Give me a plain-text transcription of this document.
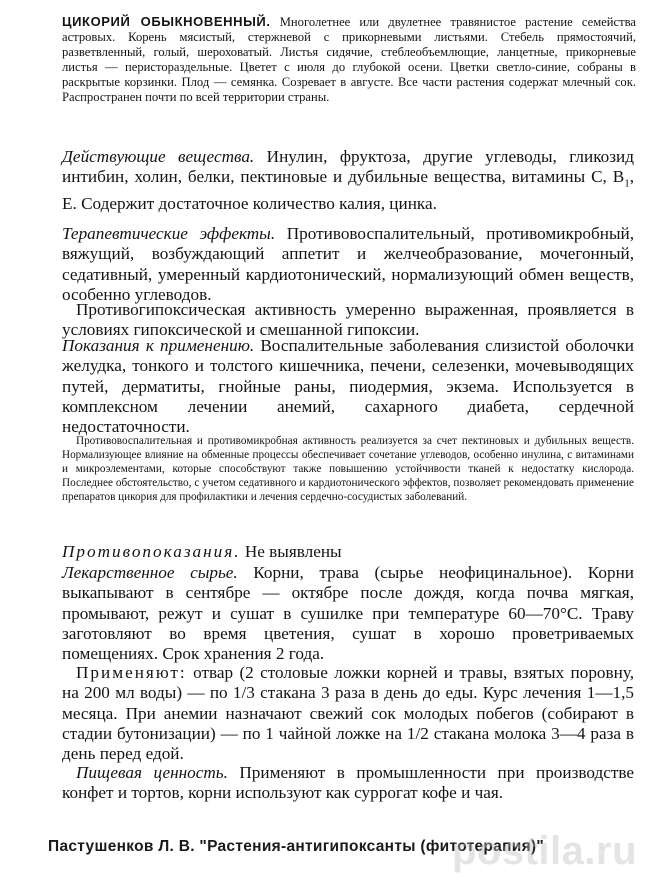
ЦИКОРИЙ ОБЫКНОВЕННЫЙ. Многолетнее или двулетнее травянистое растение семейства астровых. Корень мясистый, стержневой с прикорневыми листьями. Стебель прямостоячий, разветвленный, голый, шероховатый. Листья сидячие, стеблеобъемлющие, ланцетные, прикорневые листья — перистораздельные. Цветет с июля до глубокой осени. Цветки светло-синие, собраны в раскрытые корзинки. Плод — семянка. Созревает в августе. Все части растения содержат млечный сок. Распространен почти по всей территории страны.

Действующие вещества. Инулин, фруктоза, другие углеводы, гликозид интибин, холин, белки, пектиновые и дубильные вещества, витамины С, $В_1$, Е. Содержит достаточное количество калия, цинка.

Терапевтические эффекты. Противовоспалительный, противомикробный, вяжущий, возбуждающий аппетит и желчеобразование, мочегонный, седативный, умеренный кардиотонический, нормализующий обмен веществ, особенно углеводов.

Противогипоксическая активность умеренно выраженная, проявляется в условиях гипоксической и смешанной гипоксии.

Показания к применению. Воспалительные заболевания слизистой оболочки желудка, тонкого и толстого кишечника, печени, селезенки, мочевыводящих путей, дерматиты, гнойные раны, пиодермия, экзема. Используется в комплексном лечении анемий, сахарного диабета, сердечной недостаточности.

Противовоспалительная и противомикробная активность реализуется за счет пектиновых и дубильных веществ. Нормализующее влияние на обменные процессы обеспечивает сочетание углеводов, особенно инулина, с витаминами и микроэлементами, которые способствуют также повышению устойчивости тканей к недостатку кислорода. Последнее обстоятельство, с учетом седативного и кардиотонического эффектов, позволяет рекомендовать применение препаратов цикория для профилактики и лечения сердечно-сосудистых заболеваний.

Противопоказания. Не выявлены

Лекарственное сырье. Корни, трава (сырье неофицинальное). Корни выкапывают в сентябре — октябре после дождя, когда почва мягкая, промывают, режут и сушат в сушилке при температуре 60—70°С. Траву заготовляют во время цветения, сушат в хорошо проветриваемых помещениях. Срок хранения 2 года.

Применяют: отвар (2 столовые ложки корней и травы, взятых поровну, на 200 мл воды) — по 1/3 стакана 3 раза в день до еды. Курс лечения 1—1,5 месяца. При анемии назначают свежий сок молодых побегов (собирают в стадии бутонизации) — по 1 чайной ложке на 1/2 стакана молока 3—4 раза в день перед едой.

Пищевая ценность. Применяют в промышленности при производстве конфет и тортов, корни используют как суррогат кофе и чая.

Пастушенков Л. В. "Растения-антигипоксанты (фитотерапия)"
postila.ru
